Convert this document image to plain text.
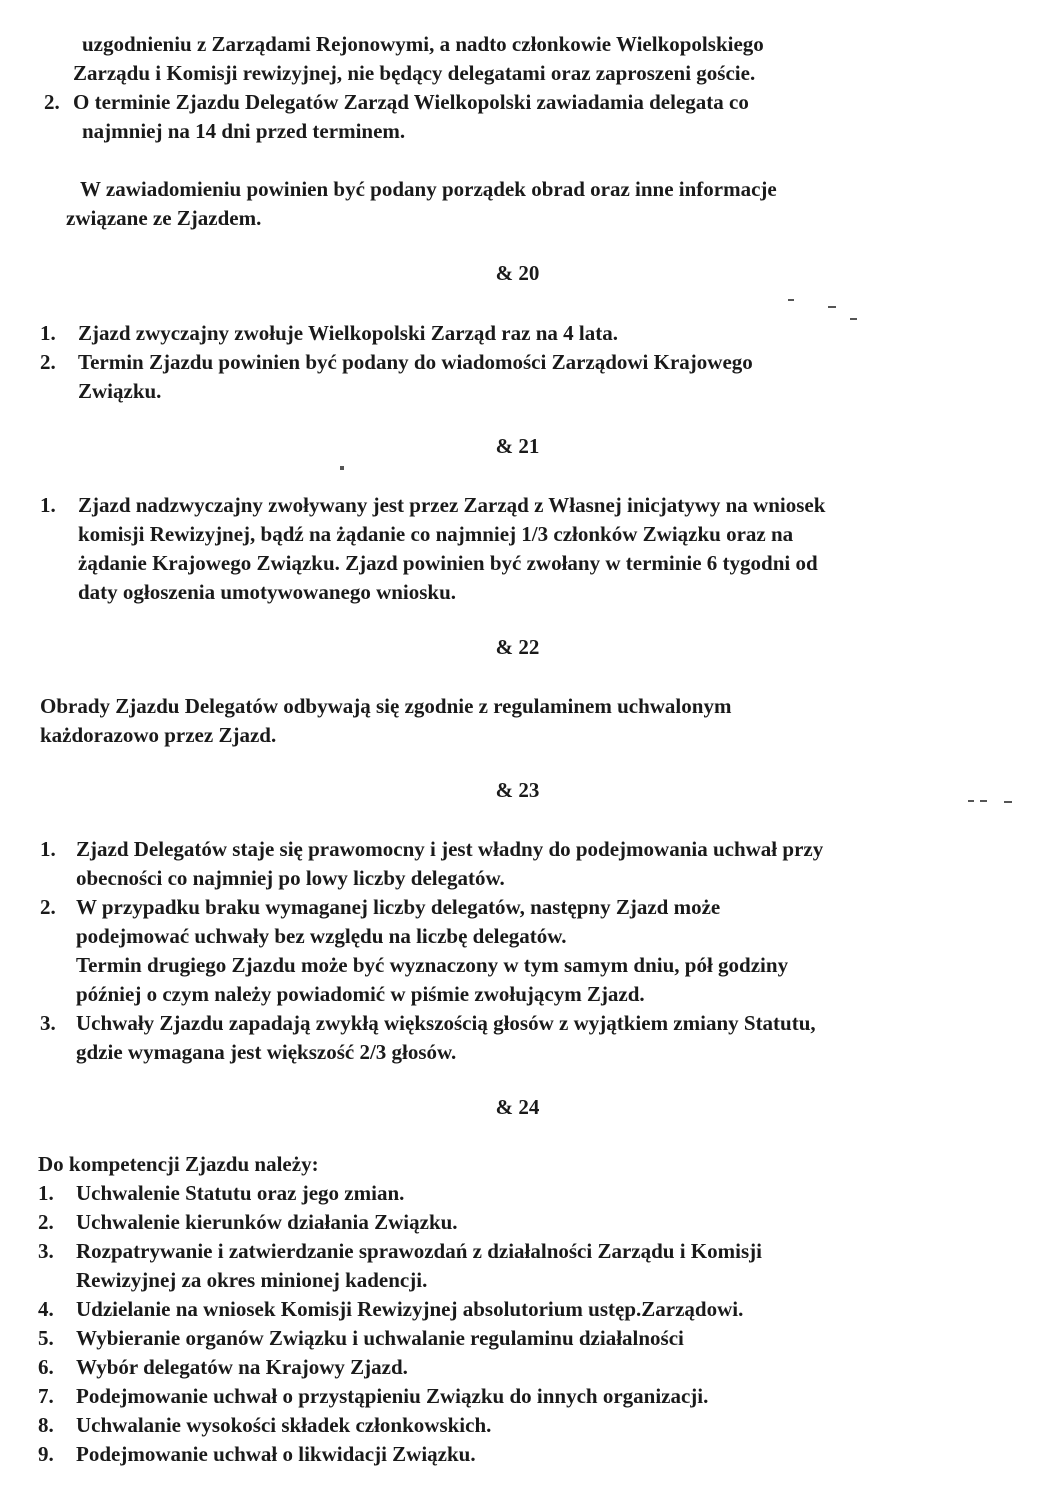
uzgodnieniu z Zarządami Rejonowymi, a nadto członkowie Wielkopolskiego
Zarządu i Komisji rewizyjnej, nie będący delegatami oraz zaproszeni goście.
2. O terminie Zjazdu Delegatów Zarząd Wielkopolski zawiadamia delegata co
najmniej na 14 dni przed terminem.
W zawiadomieniu powinien być podany porządek obrad oraz inne informacje
związane ze Zjazdem.
& 20
1. Zjazd zwyczajny zwołuje Wielkopolski Zarząd raz na 4 lata.
2. Termin Zjazdu powinien być podany do wiadomości Zarządowi Krajowego
Związku.
& 21
1. Zjazd nadzwyczajny zwoływany jest przez Zarząd z Własnej inicjatywy na wniosek
komisji Rewizyjnej, bądź na żądanie co najmniej 1/3 członków Związku oraz na
żądanie Krajowego Związku. Zjazd powinien być zwołany w terminie 6 tygodni od
daty ogłoszenia umotywowanego wniosku.
& 22
Obrady Zjazdu Delegatów odbywają się zgodnie z regulaminem uchwalonym
każdorazowo przez Zjazd.
& 23
1. Zjazd Delegatów staje się prawomocny i jest władny do podejmowania uchwał przy
obecności co najmniej po lowy liczby delegatów.
2. W przypadku braku wymaganej liczby delegatów, następny Zjazd może
podejmować uchwały bez względu na liczbę delegatów.
Termin drugiego Zjazdu może być wyznaczony w tym samym dniu, pół godziny
później o czym należy powiadomić w piśmie zwołującym Zjazd.
3. Uchwały Zjazdu zapadają zwykłą większością głosów z wyjątkiem zmiany Statutu,
gdzie wymagana jest większość 2/3 głosów.
& 24
Do kompetencji Zjazdu należy:
1. Uchwalenie Statutu oraz jego zmian.
2. Uchwalenie kierunków działania Związku.
3. Rozpatrywanie i zatwierdzanie sprawozdań z działalności Zarządu i Komisji
Rewizyjnej za okres minionej kadencji.
4. Udzielanie na wniosek Komisji Rewizyjnej absolutorium ustęp.Zarządowi.
5. Wybieranie organów Związku i uchwalanie regulaminu działalności
6. Wybór delegatów na Krajowy Zjazd.
7. Podejmowanie uchwał o przystąpieniu Związku do innych organizacji.
8. Uchwalanie wysokości składek członkowskich.
9. Podejmowanie uchwał o likwidacji Związku.
